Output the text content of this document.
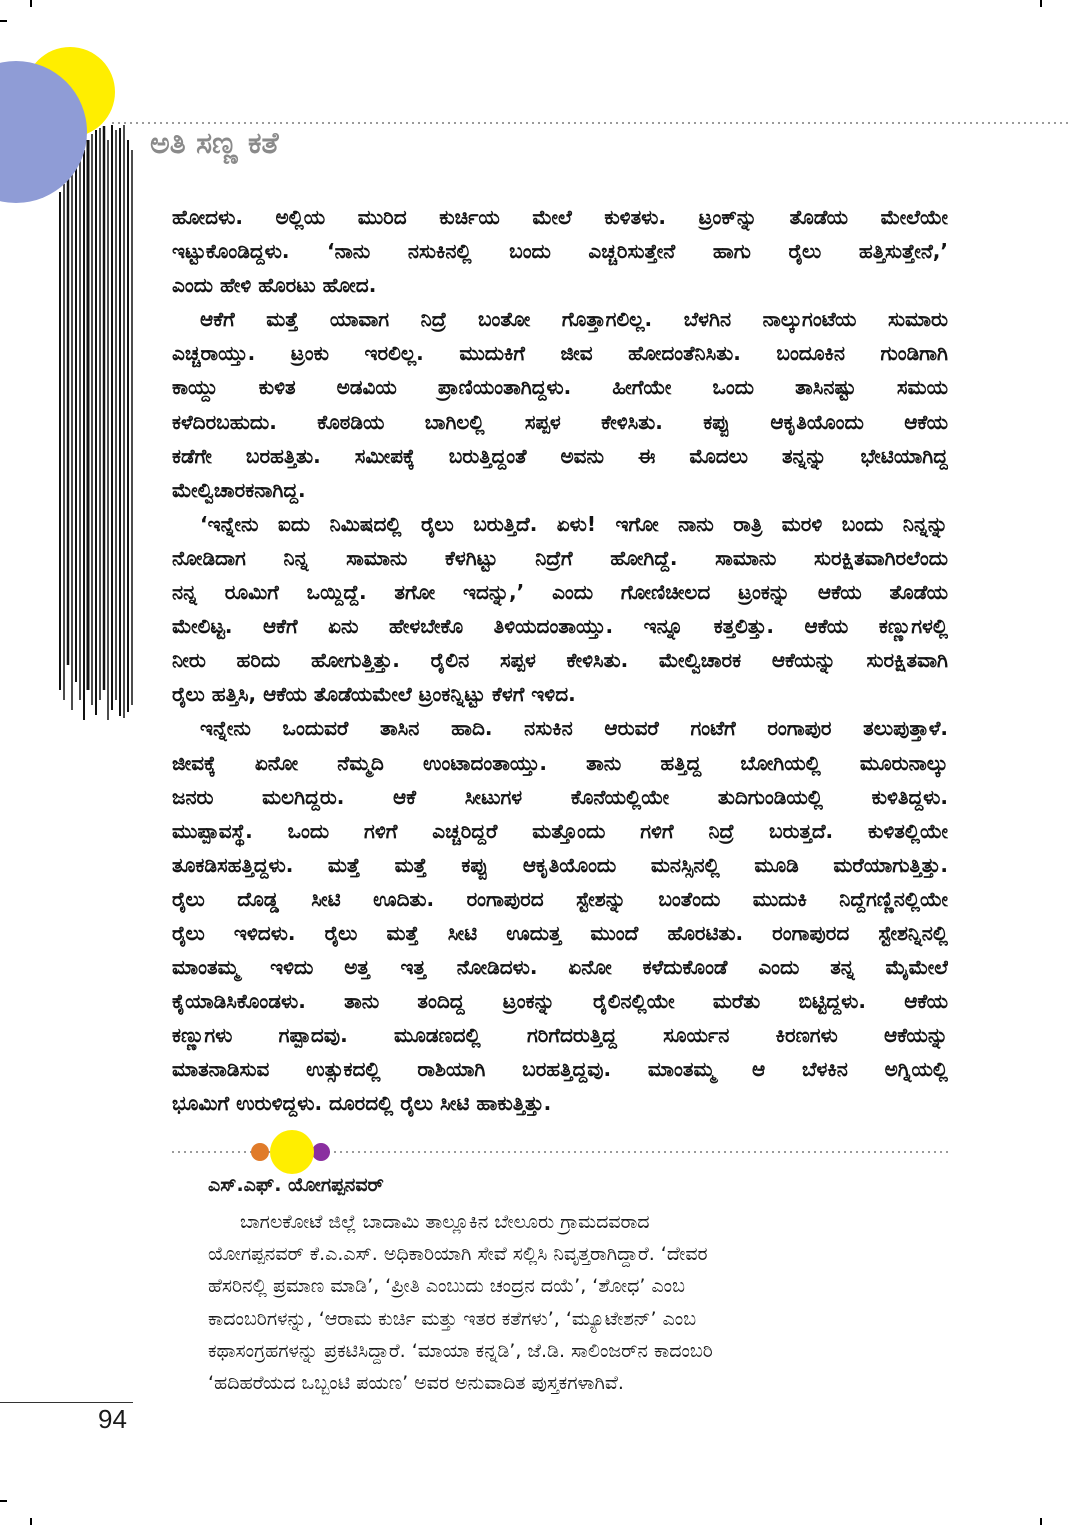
ಅತಿ ಸಣ್ಣ ಕತೆ
ಹೋದಳು. ಅಲ್ಲಿಯ ಮುರಿದ ಕುರ್ಚಿಯ ಮೇಲೆ ಕುಳಿತಳು. ಟ್ರಂಕ್‌ನ್ನು ತೊಡೆಯ ಮೇಲೆಯೇ
ಇಟ್ಟುಕೊಂಡಿದ್ದಳು. ‘ನಾನು ನಸುಕಿನಲ್ಲಿ ಬಂದು ಎಚ್ಚರಿಸುತ್ತೇನೆ ಹಾಗು ರೈಲು ಹತ್ತಿಸುತ್ತೇನೆ,’
ಎಂದು ಹೇಳಿ ಹೊರಟು ಹೋದ.
ಆಕೆಗೆ ಮತ್ತೆ ಯಾವಾಗ ನಿದ್ರೆ ಬಂತೋ ಗೊತ್ತಾಗಲಿಲ್ಲ. ಬೆಳಗಿನ ನಾಲ್ಕುಗಂಟೆಯ ಸುಮಾರು
ಎಚ್ಚರಾಯ್ತು. ಟ್ರಂಕು ಇರಲಿಲ್ಲ. ಮುದುಕಿಗೆ ಜೀವ ಹೋದಂತೆನಿಸಿತು. ಬಂದೂಕಿನ ಗುಂಡಿಗಾಗಿ
ಕಾಯ್ದು ಕುಳಿತ ಅಡವಿಯ ಪ್ರಾಣಿಯಂತಾಗಿದ್ದಳು. ಹೀಗೆಯೇ ಒಂದು ತಾಸಿನಷ್ಟು ಸಮಯ
ಕಳೆದಿರಬಹುದು. ಕೊಠಡಿಯ ಬಾಗಿಲಲ್ಲಿ ಸಪ್ಪಳ ಕೇಳಿಸಿತು. ಕಪ್ಪು ಆಕೃತಿಯೊಂದು ಆಕೆಯ
ಕಡೆಗೇ ಬರಹತ್ತಿತು. ಸಮೀಪಕ್ಕೆ ಬರುತ್ತಿದ್ದಂತೆ ಅವನು ಈ ಮೊದಲು ತನ್ನನ್ನು ಭೇಟಿಯಾಗಿದ್ದ
ಮೇಲ್ವಿಚಾರಕನಾಗಿದ್ದ.
‘ಇನ್ನೇನು ಐದು ನಿಮಿಷದಲ್ಲಿ ರೈಲು ಬರುತ್ತಿದೆ. ಏಳು! ಇಗೋ ನಾನು ರಾತ್ರಿ ಮರಳಿ ಬಂದು ನಿನ್ನನ್ನು
ನೋಡಿದಾಗ ನಿನ್ನ ಸಾಮಾನು ಕೆಳಗಿಟ್ಟು ನಿದ್ರೆಗೆ ಹೋಗಿದ್ದೆ. ಸಾಮಾನು ಸುರಕ್ಷಿತವಾಗಿರಲೆಂದು
ನನ್ನ ರೂಮಿಗೆ ಒಯ್ದಿದ್ದೆ. ತಗೋ ಇದನ್ನು,’ ಎಂದು ಗೋಣಿಚೀಲದ ಟ್ರಂಕನ್ನು ಆಕೆಯ ತೊಡೆಯ
ಮೇಲಿಟ್ಟ. ಆಕೆಗೆ ಏನು ಹೇಳಬೇಕೊ ತಿಳಿಯದಂತಾಯ್ತು. ಇನ್ನೂ ಕತ್ತಲಿತ್ತು. ಆಕೆಯ ಕಣ್ಣುಗಳಲ್ಲಿ
ನೀರು ಹರಿದು ಹೋಗುತ್ತಿತ್ತು. ರೈಲಿನ ಸಪ್ಪಳ ಕೇಳಿಸಿತು. ಮೇಲ್ವಿಚಾರಕ ಆಕೆಯನ್ನು ಸುರಕ್ಷಿತವಾಗಿ
ರೈಲು ಹತ್ತಿಸಿ, ಆಕೆಯ ತೊಡೆಯಮೇಲೆ ಟ್ರಂಕನ್ನಿಟ್ಟು ಕೆಳಗೆ ಇಳಿದ.
ಇನ್ನೇನು ಒಂದುವರೆ ತಾಸಿನ ಹಾದಿ. ನಸುಕಿನ ಆರುವರೆ ಗಂಟೆಗೆ ರಂಗಾಪುರ ತಲುಪುತ್ತಾಳೆ.
ಜೀವಕ್ಕೆ ಏನೋ ನೆಮ್ಮದಿ ಉಂಟಾದಂತಾಯ್ತು. ತಾನು ಹತ್ತಿದ್ದ ಬೋಗಿಯಲ್ಲಿ ಮೂರುನಾಲ್ಕು
ಜನರು ಮಲಗಿದ್ದರು. ಆಕೆ ಸೀಟುಗಳ ಕೊನೆಯಲ್ಲಿಯೇ ತುದಿಗುಂಡಿಯಲ್ಲಿ ಕುಳಿತಿದ್ದಳು.
ಮುಪ್ಪಾವಸ್ಥೆ. ಒಂದು ಗಳಿಗೆ ಎಚ್ಚರಿದ್ದರೆ ಮತ್ತೊಂದು ಗಳಿಗೆ ನಿದ್ರೆ ಬರುತ್ತದೆ. ಕುಳಿತಲ್ಲಿಯೇ
ತೂಕಡಿಸಹತ್ತಿದ್ದಳು. ಮತ್ತೆ ಮತ್ತೆ ಕಪ್ಪು ಆಕೃತಿಯೊಂದು ಮನಸ್ಸಿನಲ್ಲಿ ಮೂಡಿ ಮರೆಯಾಗುತ್ತಿತ್ತು.
ರೈಲು ದೊಡ್ಡ ಸೀಟಿ ಊದಿತು. ರಂಗಾಪುರದ ಸ್ಟೇಶನ್ನು ಬಂತೆಂದು ಮುದುಕಿ ನಿದ್ದೆಗಣ್ಣಿನಲ್ಲಿಯೇ
ರೈಲು ಇಳಿದಳು. ರೈಲು ಮತ್ತೆ ಸೀಟಿ ಊದುತ್ತ ಮುಂದೆ ಹೊರಟಿತು. ರಂಗಾಪುರದ ಸ್ಟೇಶನ್ನಿನಲ್ಲಿ
ಮಾಂತಮ್ಮ ಇಳಿದು ಅತ್ತ ಇತ್ತ ನೋಡಿದಳು. ಏನೋ ಕಳೆದುಕೊಂಡೆ ಎಂದು ತನ್ನ ಮೈಮೇಲೆ
ಕೈಯಾಡಿಸಿಕೊಂಡಳು. ತಾನು ತಂದಿದ್ದ ಟ್ರಂಕನ್ನು ರೈಲಿನಲ್ಲಿಯೇ ಮರೆತು ಬಿಟ್ಟಿದ್ದಳು. ಆಕೆಯ
ಕಣ್ಣುಗಳು ಗಪ್ಪಾದವು. ಮೂಡಣದಲ್ಲಿ ಗರಿಗೆದರುತ್ತಿದ್ದ ಸೂರ್ಯನ ಕಿರಣಗಳು ಆಕೆಯನ್ನು
ಮಾತನಾಡಿಸುವ ಉತ್ಸುಕದಲ್ಲಿ ರಾಶಿಯಾಗಿ ಬರಹತ್ತಿದ್ದವು. ಮಾಂತಮ್ಮ ಆ ಬೆಳಕಿನ ಅಗ್ನಿಯಲ್ಲಿ
ಭೂಮಿಗೆ ಉರುಳಿದ್ದಳು. ದೂರದಲ್ಲಿ ರೈಲು ಸೀಟಿ ಹಾಕುತ್ತಿತ್ತು.
ಎಸ್.ಎಫ್. ಯೋಗಪ್ಪನವರ್
ಬಾಗಲಕೋಟೆ ಜಿಲ್ಲೆ ಬಾದಾಮಿ ತಾಲ್ಲೂಕಿನ ಬೇಲೂರು ಗ್ರಾಮದವರಾದ
ಯೋಗಪ್ಪನವರ್ ಕೆ.ಎ.ಎಸ್. ಅಧಿಕಾರಿಯಾಗಿ ಸೇವೆ ಸಲ್ಲಿಸಿ ನಿವೃತ್ತರಾಗಿದ್ದಾರೆ. ‘ದೇವರ
ಹೆಸರಿನಲ್ಲಿ ಪ್ರಮಾಣ ಮಾಡಿ’, ‘ಪ್ರೀತಿ ಎಂಬುದು ಚಂದ್ರನ ದಯೆ’, ‘ಶೋಧ’ ಎಂಬ
ಕಾದಂಬರಿಗಳನ್ನು, ‘ಆರಾಮ ಕುರ್ಚಿ ಮತ್ತು ಇತರ ಕತೆಗಳು’, ‘ಮ್ಯೂಟೇಶನ್’ ಎಂಬ
ಕಥಾಸಂಗ್ರಹಗಳನ್ನು ಪ್ರಕಟಿಸಿದ್ದಾರೆ. ‘ಮಾಯಾ ಕನ್ನಡಿ’, ಜೆ.ಡಿ. ಸಾಲಿಂಜರ್‌ನ ಕಾದಂಬರಿ
‘ಹದಿಹರೆಯದ ಒಬ್ಬಂಟಿ ಪಯಣ’ ಅವರ ಅನುವಾದಿತ ಪುಸ್ತಕಗಳಾಗಿವೆ.
94
